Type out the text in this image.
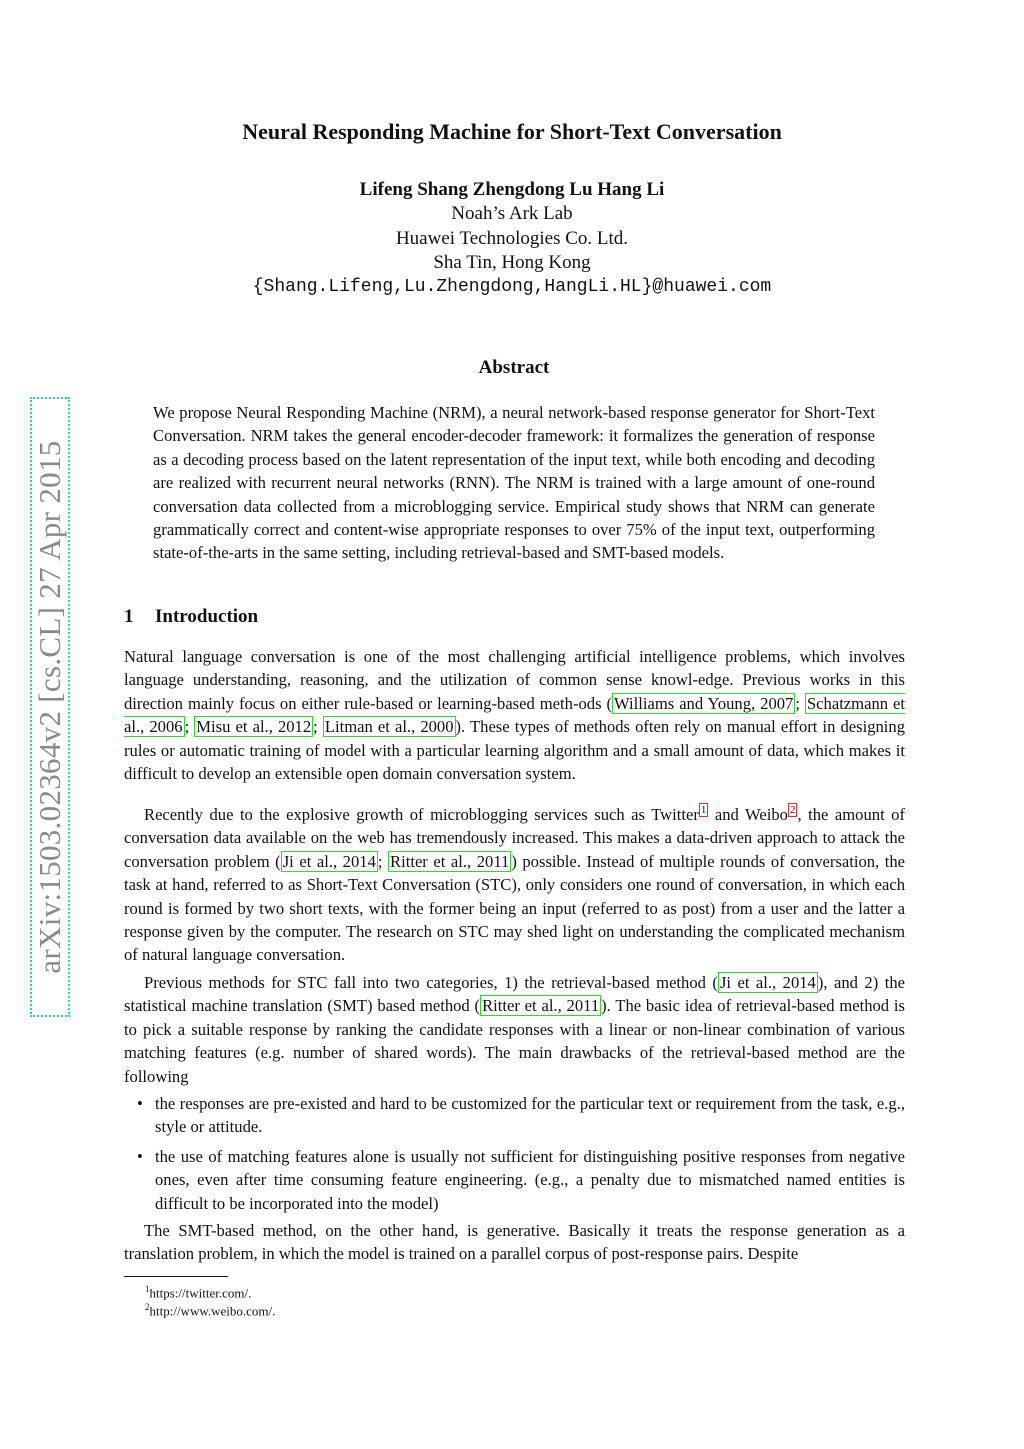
arXiv:1503.02364v2 [cs.CL] 27 Apr 2015
Neural Responding Machine for Short-Text Conversation
Lifeng Shang Zhengdong Lu Hang Li
Noah’s Ark Lab
Huawei Technologies Co. Ltd.
Sha Tin, Hong Kong
{Shang.Lifeng,Lu.Zhengdong,HangLi.HL}@huawei.com
Abstract
We propose Neural Responding Machine (NRM), a neural network-based response generator for Short-Text Conversation. NRM takes the general encoder-decoder framework: it formalizes the generation of response as a decoding process based on the latent representation of the input text, while both encoding and decoding are realized with recurrent neural networks (RNN). The NRM is trained with a large amount of one-round conversation data collected from a microblogging service. Empirical study shows that NRM can generate grammatically correct and content-wise appropriate responses to over 75% of the input text, outperforming state-of-the-arts in the same setting, including retrieval-based and SMT-based models.
1 Introduction
Natural language conversation is one of the most challenging artificial intelligence problems, which involves language understanding, reasoning, and the utilization of common sense knowl-edge. Previous works in this direction mainly focus on either rule-based or learning-based meth-ods ( Williams and Young, 2007 ; Schatzmann et al., 2006 ; Misu et al., 2012 ; Litman et al., 2000 ). These types of methods often rely on manual effort in designing rules or automatic training of model with a particular learning algorithm and a small amount of data, which makes it difficult to develop an extensible open domain conversation system.
Recently due to the explosive growth of microblogging services such as Twitter $^1$ and Weibo $^2$ , the amount of conversation data available on the web has tremendously increased. This makes a data-driven approach to attack the conversation problem ( Ji et al., 2014 ; Ritter et al., 2011 ) possible. Instead of multiple rounds of conversation, the task at hand, referred to as Short-Text Conversation (STC), only considers one round of conversation, in which each round is formed by two short texts, with the former being an input (referred to as post) from a user and the latter a response given by the computer. The research on STC may shed light on understanding the complicated mechanism of natural language conversation.
Previous methods for STC fall into two categories, 1) the retrieval-based method ( Ji et al., 2014 ), and 2) the statistical machine translation (SMT) based method ( Ritter et al., 2011 ). The basic idea of retrieval-based method is to pick a suitable response by ranking the candidate responses with a linear or non-linear combination of various matching features (e.g. number of shared words). The main drawbacks of the retrieval-based method are the following
• the responses are pre-existed and hard to be customized for the particular text or requirement from the task, e.g., style or attitude.
• the use of matching features alone is usually not sufficient for distinguishing positive responses from negative ones, even after time consuming feature engineering. (e.g., a penalty due to mismatched named entities is difficult to be incorporated into the model)
The SMT-based method, on the other hand, is generative. Basically it treats the response generation as a translation problem, in which the model is trained on a parallel corpus of post-response pairs. Despite
$^1$https://twitter.com/.
$^2$http://www.weibo.com/.
